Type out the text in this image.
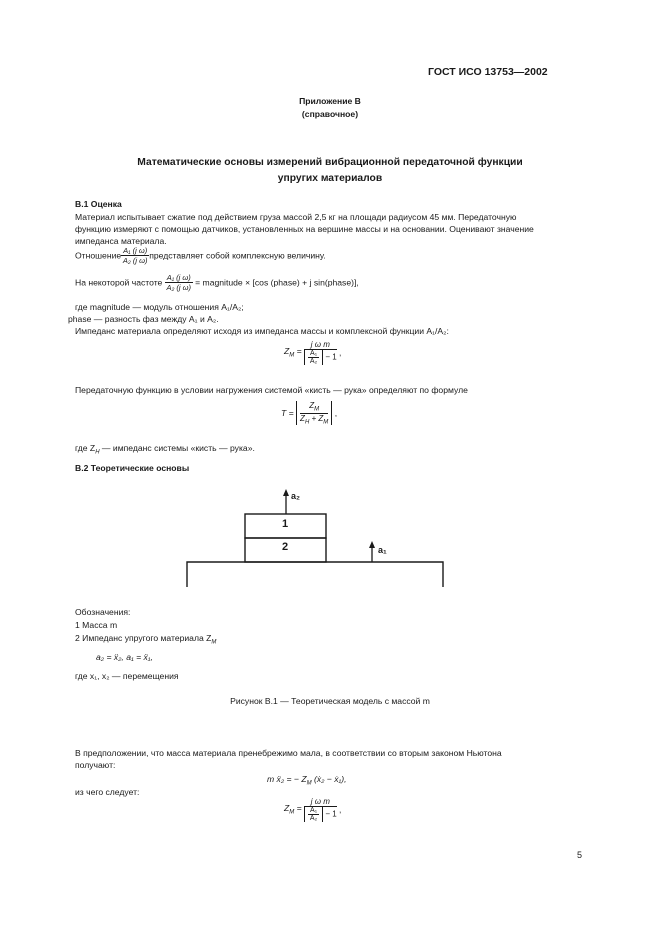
ГОСТ ИСО 13753—2002
Приложение В
(справочное)
Математические основы измерений вибрационной передаточной функции
упругих материалов
В.1 Оценка
Материал испытывает сжатие под действием груза массой 2,5 кг на площади радиусом 45 мм. Передаточную
функцию измеряют с помощью датчиков, установленных на вершине массы и на основании. Оценивают значение
импеданса материала.
Отношение $\frac{\text{A₁ (j ω)}}{\text{A₂ (j ω)}}$ представляет собой комплексную величину.
На некоторой частоте $\frac{\text{A₁ (j ω)}}{\text{A₂ (j ω)}}$ = magnitude × [cos (phase) + j sin(phase)],
где magnitude — модуль отношения A₁/A₂;
phase — разность фаз между A₁ и A₂.
Импеданс материала определяют исходя из импеданса массы и комплексной функции A₁/A₂:
$Z_M = \frac{\text{j ω m}}{\frac{\text{A₁}}{\text{A₂}} - 1}$ ,
Передаточную функцию в условии нагружения системой «кисть — рука» определяют по формуле
$T = \frac{Z_M}{Z_H + Z_M}$ ,
где $Z_H$ — импеданс системы «кисть — рука».
В.2 Теоретические основы
a₂
a₁
1
2
Обозначения:
1 Масса m
2 Импеданс упругого материала $Z_M$
a₂ = ẍ₂, a₁ = ẍ₁,
где x₁, x₂ — перемещения
Рисунок В.1 — Теоретическая модель с массой m
В предположении, что масса материала пренебрежимо мала, в соответствии со вторым законом Ньютона
получают:
m ẍ₂ = − $Z_M$ (ẋ₂ − ẋ₁),
из чего следует:
$Z_M = \frac{\text{j ω m}}{\frac{\text{A₁}}{\text{A₂}} - 1}$ ,
5
